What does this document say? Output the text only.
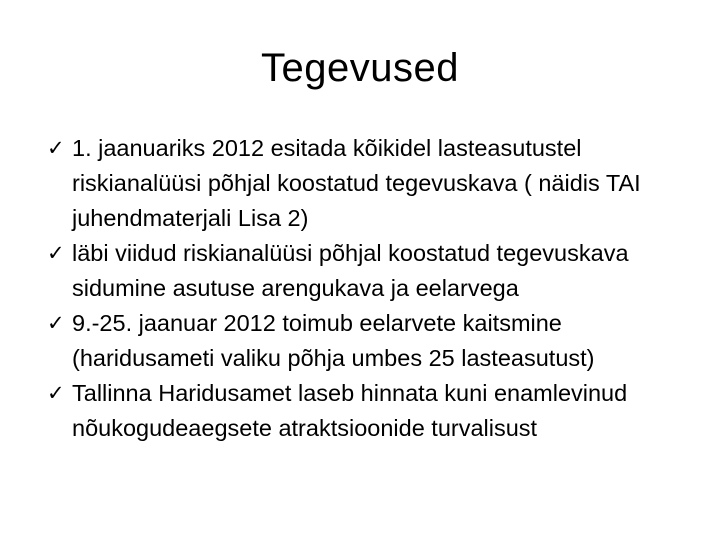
Tegevused
✓ 1. jaanuariks 2012 esitada kõikidel lasteasutustel riskianalüüsi põhjal koostatud tegevuskava ( näidis TAI juhendmaterjali Lisa 2)
✓ läbi viidud riskianalüüsi põhjal koostatud tegevuskava sidumine asutuse arengukava ja eelarvega
✓ 9.-25. jaanuar 2012 toimub eelarvete kaitsmine (haridusameti valiku põhja umbes 25 lasteasutust)
✓ Tallinna Haridusamet laseb hinnata kuni enamlevinud nõukogudeaegsete atraktsioonide turvalisust
